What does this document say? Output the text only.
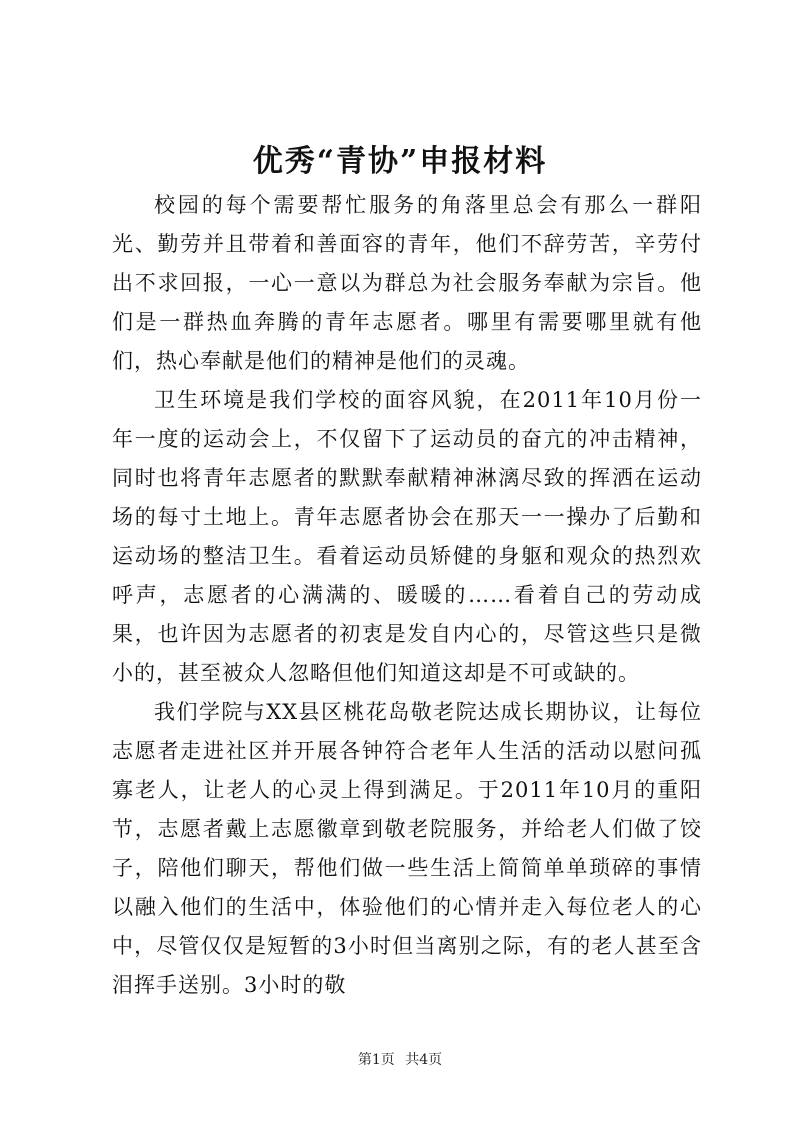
优秀“青协”申报材料

校园的每个需要帮忙服务的角落里总会有那么一群阳光、勤劳并且带着和善面容的青年，他们不辞劳苦，辛劳付出不求回报，一心一意以为群总为社会服务奉献为宗旨。他们是一群热血奔腾的青年志愿者。哪里有需要哪里就有他们，热心奉献是他们的精神是他们的灵魂。

卫生环境是我们学校的面容风貌，在2011年10月份一年一度的运动会上，不仅留下了运动员的奋亢的冲击精神，同时也将青年志愿者的默默奉献精神淋漓尽致的挥洒在运动场的每寸土地上。青年志愿者协会在那天一一操办了后勤和运动场的整洁卫生。看着运动员矫健的身躯和观众的热烈欢呼声，志愿者的心满满的、暖暖的……看着自己的劳动成果，也许因为志愿者的初衷是发自内心的，尽管这些只是微小的，甚至被众人忽略但他们知道这却是不可或缺的。

我们学院与XX县区桃花岛敬老院达成长期协议，让每位志愿者走进社区并开展各钟符合老年人生活的活动以慰问孤寡老人，让老人的心灵上得到满足。于2011年10月的重阳节，志愿者戴上志愿徽章到敬老院服务，并给老人们做了饺子，陪他们聊天，帮他们做一些生活上简简单单琐碎的事情以融入他们的生活中，体验他们的心情并走入每位老人的心中，尽管仅仅是短暂的3小时但当离别之际，有的老人甚至含泪挥手送别。3小时的敬

第1页 共4页
